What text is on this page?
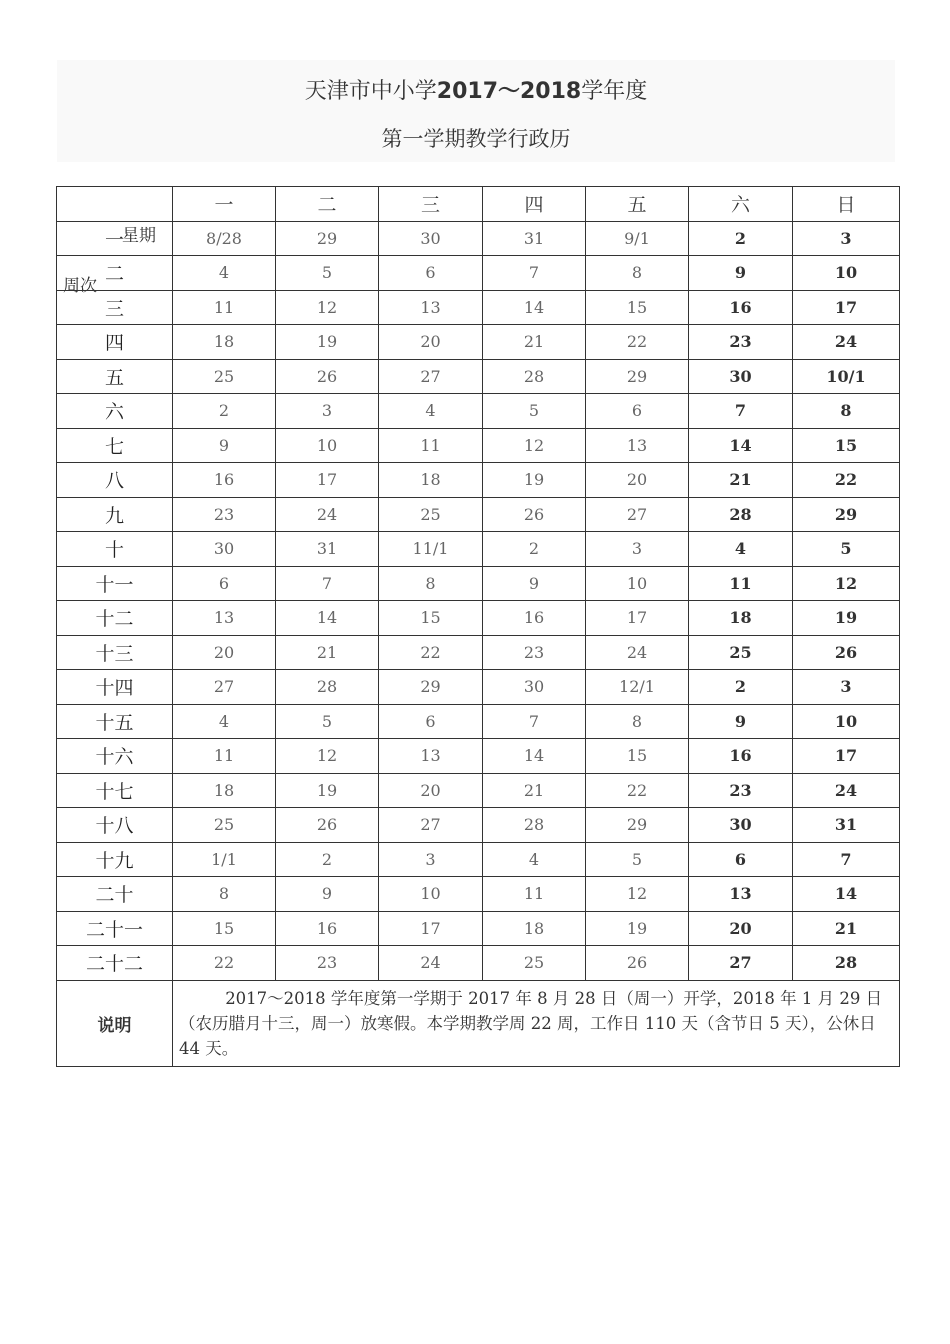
天津市中小学2017～2018学年度
第一学期教学行政历
星期
周次	一	二	三	四	五	六	日
一	8/28	29	30	31	9/1	2	3
二	4	5	6	7	8	9	10
三	11	12	13	14	15	16	17
四	18	19	20	21	22	23	24
五	25	26	27	28	29	30	10/1
六	2	3	4	5	6	7	8
七	9	10	11	12	13	14	15
八	16	17	18	19	20	21	22
九	23	24	25	26	27	28	29
十	30	31	11/1	2	3	4	5
十一	6	7	8	9	10	11	12
十二	13	14	15	16	17	18	19
十三	20	21	22	23	24	25	26
十四	27	28	29	30	12/1	2	3
十五	4	5	6	7	8	9	10
十六	11	12	13	14	15	16	17
十七	18	19	20	21	22	23	24
十八	25	26	27	28	29	30	31
十九	1/1	2	3	4	5	6	7
二十	8	9	10	11	12	13	14
二十一	15	16	17	18	19	20	21
二十二	22	23	24	25	26	27	28
说明	2017～2018 学年度第一学期于 2017 年 8 月 28 日（周一）开学，2018 年 1 月 29 日（农历腊月十三，周一）放寒假。本学期教学周 22 周，工作日 110 天（含节日 5 天），公休日 44 天。						
